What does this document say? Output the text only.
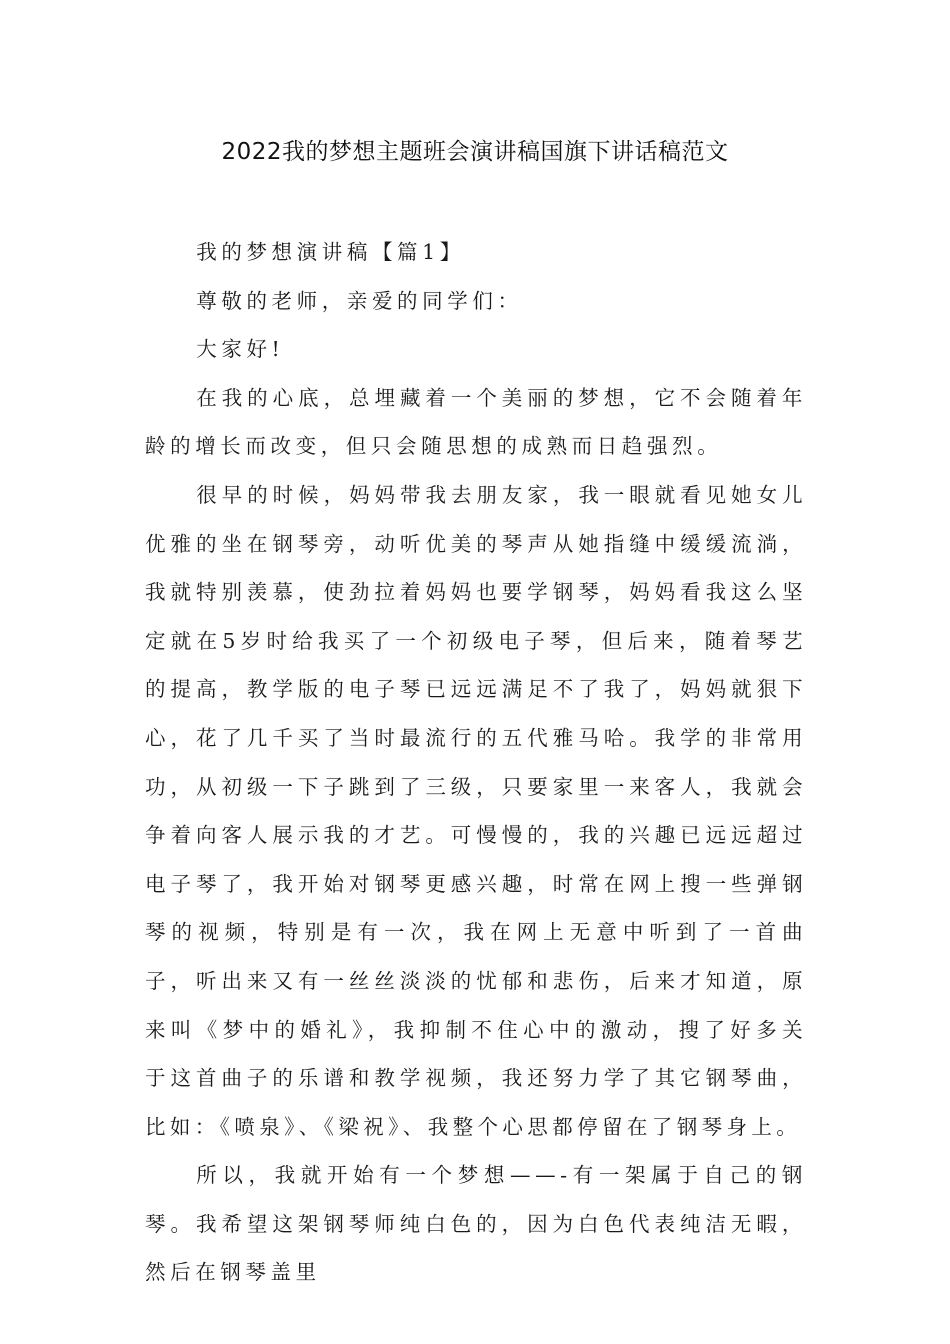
2022我的梦想主题班会演讲稿国旗下讲话稿范文

我的梦想演讲稿【篇1】

尊敬的老师，亲爱的同学们：

大家好!

在我的心底，总埋藏着一个美丽的梦想，它不会随着年龄的增长而改变，但只会随思想的成熟而日趋强烈。

很早的时候，妈妈带我去朋友家，我一眼就看见她女儿优雅的坐在钢琴旁，动听优美的琴声从她指缝中缓缓流淌，我就特别羡慕，使劲拉着妈妈也要学钢琴，妈妈看我这么坚定就在5岁时给我买了一个初级电子琴，但后来，随着琴艺的提高，教学版的电子琴已远远满足不了我了，妈妈就狠下心，花了几千买了当时最流行的五代雅马哈。我学的非常用功，从初级一下子跳到了三级，只要家里一来客人，我就会争着向客人展示我的才艺。可慢慢的，我的兴趣已远远超过电子琴了，我开始对钢琴更感兴趣，时常在网上搜一些弹钢琴的视频，特别是有一次，我在网上无意中听到了一首曲子，听出来又有一丝丝淡淡的忧郁和悲伤，后来才知道，原来叫《梦中的婚礼》，我抑制不住心中的激动，搜了好多关于这首曲子的乐谱和教学视频，我还努力学了其它钢琴曲，比如：《喷泉》、《梁祝》、我整个心思都停留在了钢琴身上。

所以，我就开始有一个梦想——-有一架属于自己的钢琴。我希望这架钢琴师纯白色的，因为白色代表纯洁无暇，然后在钢琴盖里
